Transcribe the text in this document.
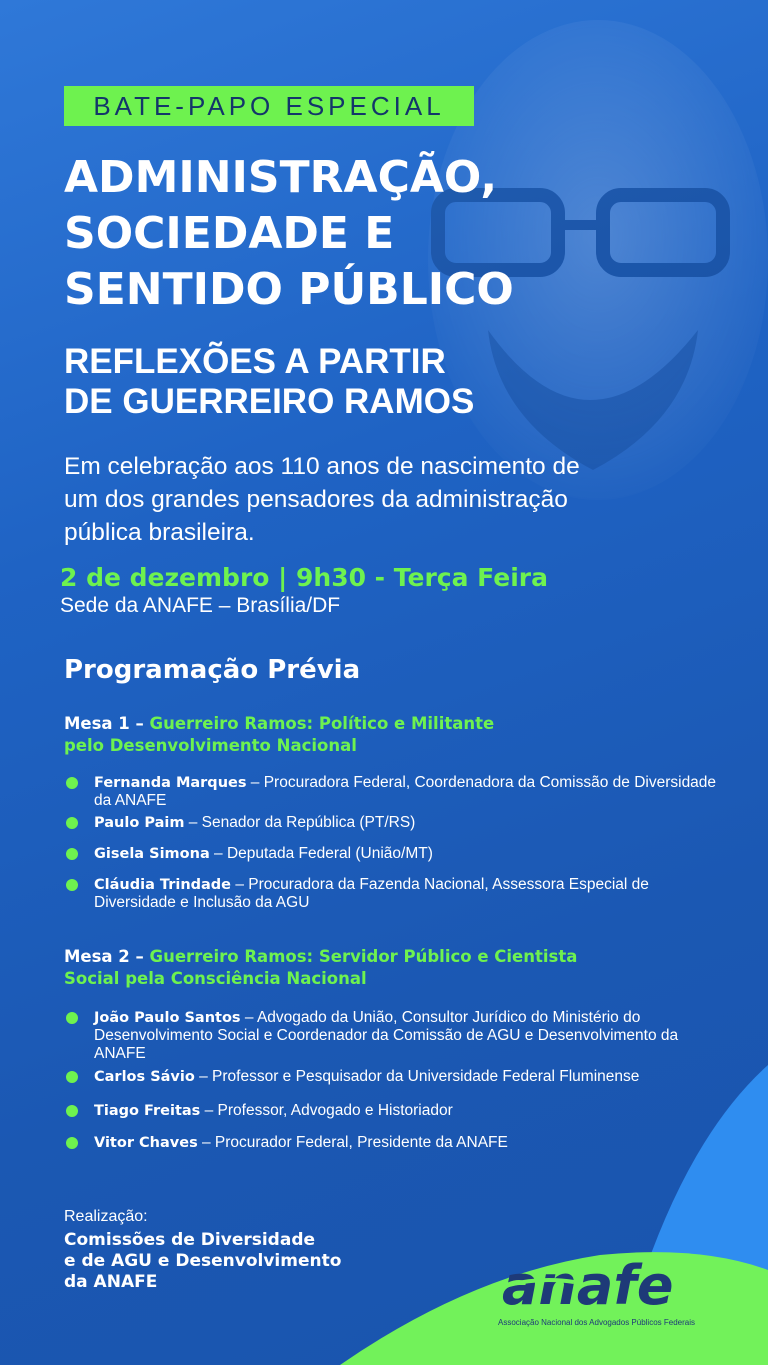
BATE-PAPO ESPECIAL
ADMINISTRAÇÃO,
SOCIEDADE E
SENTIDO PÚBLICO
REFLEXÕES A PARTIR
DE GUERREIRO RAMOS

Em celebração aos 110 anos de nascimento de
um dos grandes pensadores da administração
pública brasileira.

2 de dezembro | 9h30 - Terça Feira
Sede da ANAFE – Brasília/DF
Programação Prévia
Mesa 1 – Guerreiro Ramos: Político e Militante
pelo Desenvolvimento Nacional
Fernanda Marques – Procuradora Federal, Coordenadora da Comissão de Diversidade da ANAFE
Paulo Paim – Senador da República (PT/RS)
Gisela Simona – Deputada Federal (União/MT)
Cláudia Trindade – Procuradora da Fazenda Nacional, Assessora Especial de Diversidade e Inclusão da AGU
Mesa 2 – Guerreiro Ramos: Servidor Público e Cientista
Social pela Consciência Nacional
João Paulo Santos – Advogado da União, Consultor Jurídico do Ministério do Desenvolvimento Social e Coordenador da Comissão de AGU e Desenvolvimento da ANAFE
Carlos Sávio – Professor e Pesquisador da Universidade Federal Fluminense
Tiago Freitas – Professor, Advogado e Historiador
Vitor Chaves – Procurador Federal, Presidente da ANAFE
Realização:

Comissões de Diversidade
e de AGU e Desenvolvimento
da ANAFE	anafe
Associação Nacional dos Advogados Públicos Federais
